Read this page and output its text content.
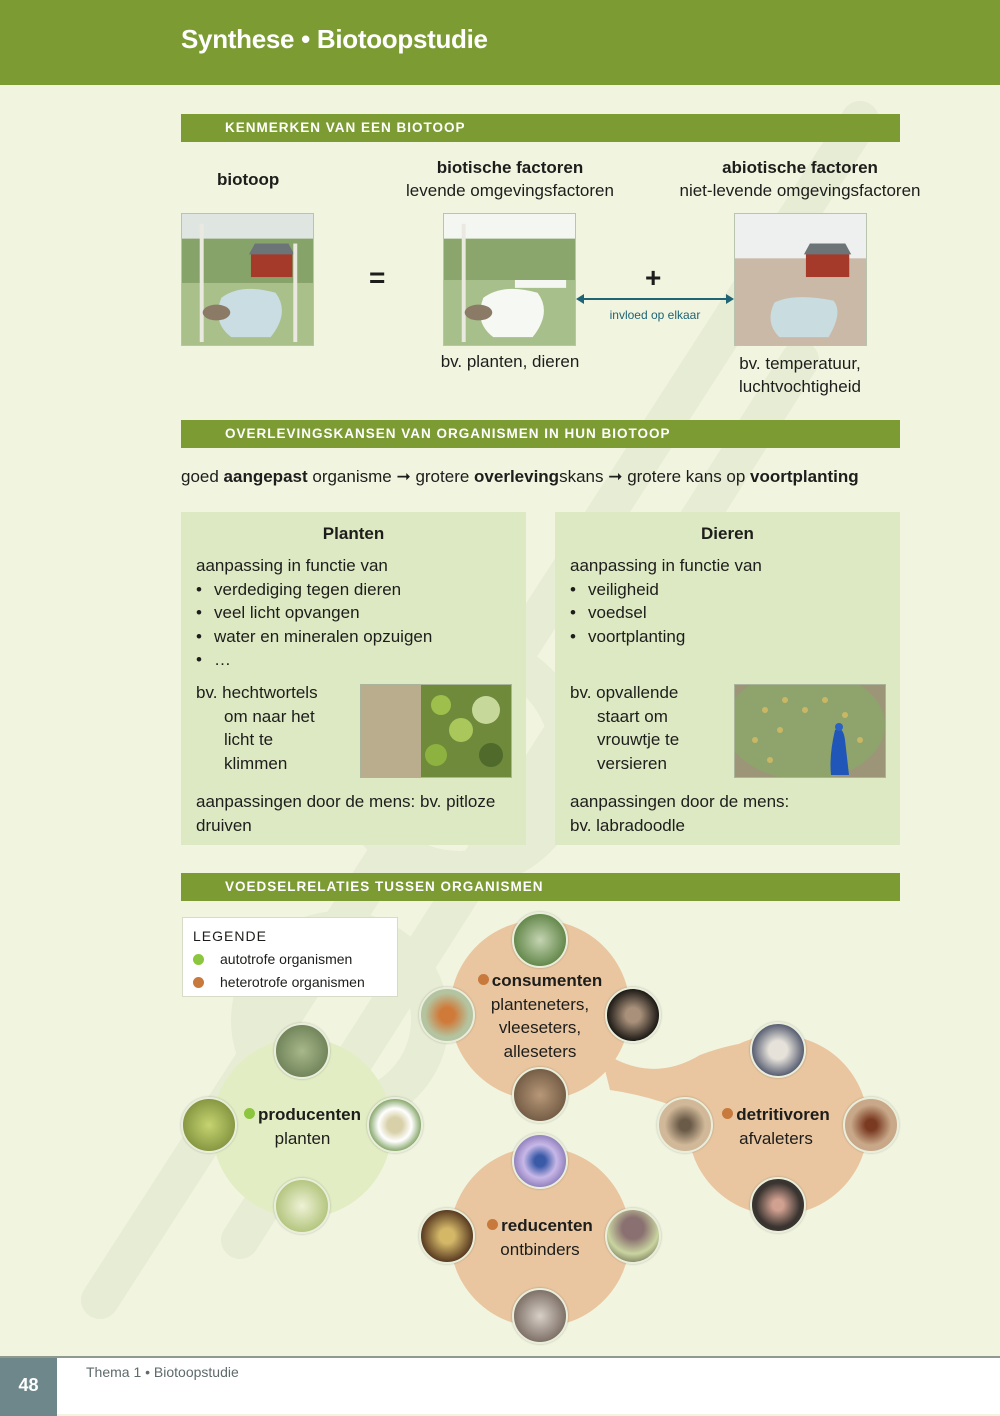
Synthese • Biotoopstudie
KENMERKEN VAN EEN BIOTOOP
biotoop
biotische factoren
levende omgevingsfactoren
abiotische factoren
niet-levende omgevingsfactoren
=	+
invloed op elkaar
bv. planten, dieren	bv. temperatuur,
luchtvochtigheid
OVERLEVINGSKANSEN VAN ORGANISMEN IN HUN BIOTOOP
goed aangepast organisme ➞ grotere overlevingskans ➞ grotere kans op voortplanting
Planten
aanpassing in functie van
• verdediging tegen dieren
• veel licht opvangen
• water en mineralen opzuigen
• …
bv. hechtwortels
om naar het
licht te
klimmen
aanpassingen door de mens: bv. pitloze
druiven
Dieren
aanpassing in functie van
• veiligheid
• voedsel
• voortplanting
bv. opvallende
staart om
vrouwtje te
versieren
aanpassingen door de mens:
bv. labradoodle
VOEDSELRELATIES TUSSEN ORGANISMEN
LEGENDE
autotrofe organismen
heterotrofe organismen
producenten
planten
consumenten
planteneters,
vleeseters,
alleseters
reducenten
ontbinders
detritivoren
afvaleters
48
Thema 1 • Biotoopstudie
